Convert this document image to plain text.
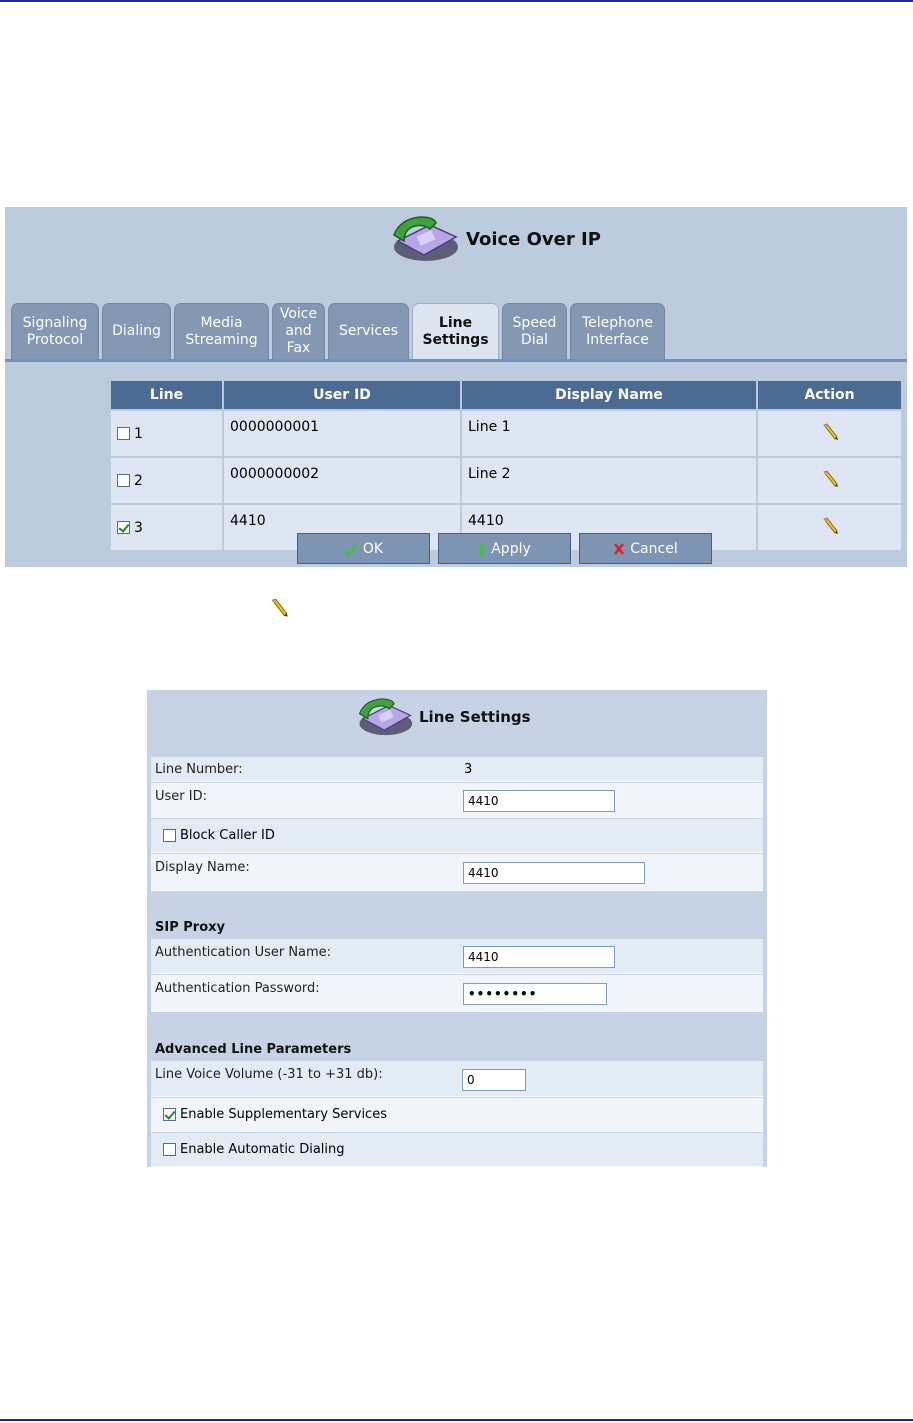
Voice Over IP
Signaling
Protocol
Dialing
Media
Streaming
Voice
and
Fax
Services
Line
Settings
Speed
Dial
Telephone
Interface
Line	User ID	Display Name	Action
1	0000000001	Line 1	
2	0000000002	Line 2	
3	4410	4410	
OK	Apply	Cancel
Line Settings
Line Number:	3
User ID:
4410
Block Caller ID
Display Name:
4410
SIP Proxy
Authentication User Name:
4410
Authentication Password:
••••••••
Advanced Line Parameters
Line Voice Volume (-31 to +31 db):
0
Enable Supplementary Services
Enable Automatic Dialing
